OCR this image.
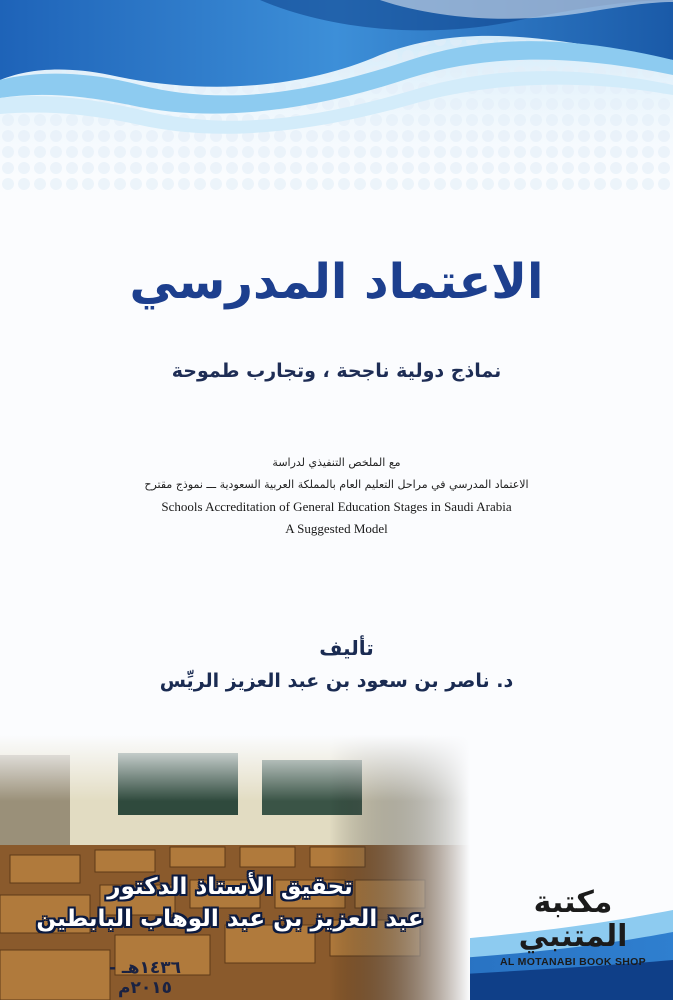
الاعتماد المدرسي
نماذج دولية ناجحة ، وتجارب طموحة
مع الملخص التنفيذي لدراسة
الاعتماد المدرسي في مراحل التعليم العام بالمملكة العربية السعودية ـــ نموذج مقترح
Schools Accreditation of General Education Stages in Saudi Arabia
A Suggested Model
تأليف
د. ناصر بن سعود بن عبد العزيز الريِّس
تحقيق الأستاذ الدكتور
عبد العزيز بن عبد الوهاب البابطين
١٤٣٦هـ - ٢٠١٥م
مكتبة المتنبي
AL MOTANABI BOOK SHOP
